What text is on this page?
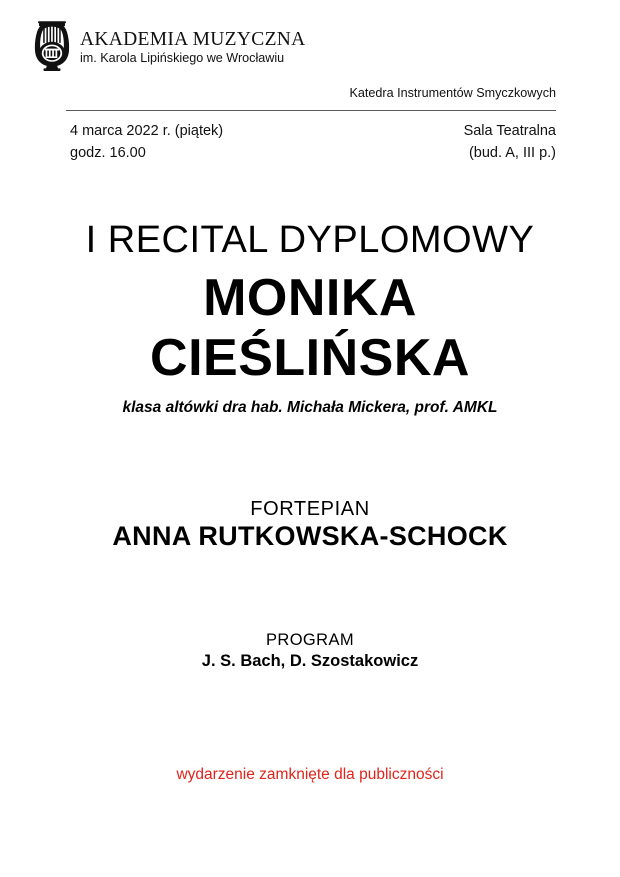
AKADEMIA MUZYCZNA
im. Karola Lipińskiego we Wrocławiu
Katedra Instrumentów Smyczkowych
4 marca 2022 r. (piątek)
godz. 16.00
Sala Teatralna
(bud. A, III p.)
I RECITAL DYPLOMOWY
MONIKA
CIEŚLIŃSKA
klasa altówki dra hab. Michała Mickera, prof. AMKL
FORTEPIAN
ANNA RUTKOWSKA-SCHOCK
PROGRAM
J. S. Bach, D. Szostakowicz
wydarzenie zamknięte dla publiczności
